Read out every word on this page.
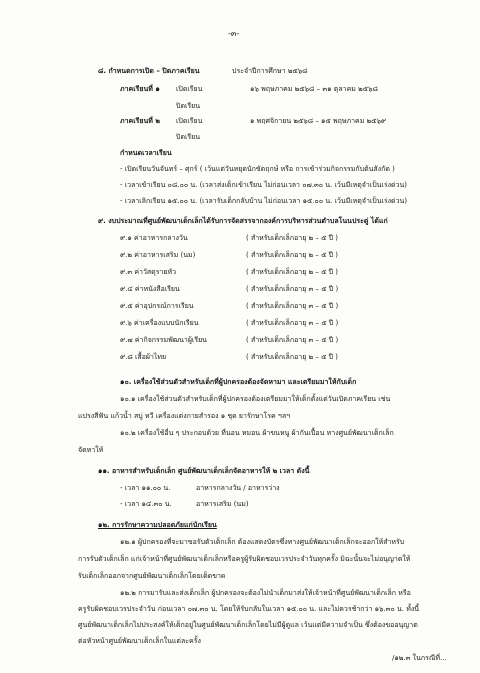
-๓-
๘. กำหนดการเปิด – ปิดภาคเรียน	ประจำปีการศึกษา ๒๕๖๘
ภาคเรียนที่ ๑ เปิดเรียน	๑๖ พฤษภาคม ๒๕๖๘ – ๓๑ ตุลาคม ๒๕๖๘
ปิดเรียน
ภาคเรียนที่ ๒ เปิดเรียน	๑ พฤศจิกายน ๒๕๖๘ – ๑๕ พฤษภาคม ๒๕๖๙
ปิดเรียน
กำหนดเวลาเรียน
- เปิดเรียนวันจันทร์ – ศุกร์ ( เว้นแต่วันหยุดนักขัตฤกษ์ หรือ การเข้าร่วมกิจกรรมกับต้นสังกัด )
- เวลาเข้าเรียน ๐๘.๐๐ น. (เวลาส่งเด็กเข้าเรียน ไม่ก่อนเวลา ๐๗.๓๐ น. เว้นมีเหตุจำเป็นเร่งด่วน)
- เวลาเลิกเรียน ๑๕.๐๐ น. (เวลารับเด็กกลับบ้าน ไม่ก่อนเวลา ๑๕.๐๐ น. เว้นมีเหตุจำเป็นเร่งด่วน)
๙. งบประมาณที่ศูนย์พัฒนาเด็กเล็กได้รับการจัดสรรจากองค์การบริหารส่วนตำบลโนนประดู่ ได้แก่
๙.๑ ค่าอาหารกลางวัน	( สำหรับเด็กเล็กอายุ ๒ – ๕ ปี )
๙.๒ ค่าอาหารเสริม (นม)	( สำหรับเด็กเล็กอายุ ๒ – ๕ ปี )
๙.๓ ค่าวัสดุรายหัว	( สำหรับเด็กเล็กอายุ ๒ – ๕ ปี )
๙.๔ ค่าหนังสือเรียน	( สำหรับเด็กเล็กอายุ ๓ – ๕ ปี )
๙.๕ ค่าอุปกรณ์การเรียน	( สำหรับเด็กเล็กอายุ ๓ – ๕ ปี )
๙.๖ ค่าเครื่องแบบนักเรียน	( สำหรับเด็กเล็กอายุ ๓ – ๕ ปี )
๙.๗ ค่ากิจกรรมพัฒนาผู้เรียน	( สำหรับเด็กเล็กอายุ ๓ – ๕ ปี )
๙.๘ เสื้อผ้าไทย	( สำหรับเด็กเล็กอายุ ๒ – ๕ ปี )
๑๐. เครื่องใช้ส่วนตัวสำหรับเด็กที่ผู้ปกครองต้องจัดหามา และเตรียมมาให้กับเด็ก
๑๐.๑ เครื่องใช้ส่วนตัวสำหรับเด็กที่ผู้ปกครองต้องเตรียมมาให้เด็กตั้งแต่วันเปิดภาคเรียน เช่น
แปรงสีฟัน แก้วน้ำ สบู่ หวี เครื่องแต่งกายสำรอง ๑ ชุด ยารักษาโรค ฯลฯ
๑๐.๒ เครื่องใช้อื่น ๆ ประกอบด้วย ที่นอน หมอน ผ้าขนหนู ผ้ากันเปื้อน ทางศูนย์พัฒนาเด็กเล็ก
จัดหาให้
๑๑. อาหารสำหรับเด็กเล็ก ศูนย์พัฒนาเด็กเล็กจัดอาหารให้ ๒ เวลา ดังนี้
- เวลา ๑๑.๐๐ น.	อาหารกลางวัน / อาหารว่าง
- เวลา ๑๔.๓๐ น.	อาหารเสริม (นม)
๑๒. การรักษาความปลอดภัยแก่นักเรียน
๑๒.๑ ผู้ปกครองที่จะมาขอรับตัวเด็กเล็ก ต้องแสดงบัตรซึ่งทางศูนย์พัฒนาเด็กเล็กจะออกให้สำหรับ
การรับตัวเด็กเล็ก แก่เจ้าหน้าที่ศูนย์พัฒนาเด็กเล็กหรือครูผู้รับผิดชอบเวรประจำวันทุกครั้ง มิฉะนั้นจะไม่อนุญาตให้
รับเด็กเล็กออกจากศูนย์พัฒนาเด็กเล็กโดยเด็ดขาด
๑๒.๒ การมารับและส่งเด็กเล็ก ผู้ปกครองจะต้องไม่นำเด็กมาส่งให้เจ้าหน้าที่ศูนย์พัฒนาเด็กเล็ก หรือ
ครูรับผิดชอบเวรประจำวัน ก่อนเวลา ๐๗.๓๐ น. โดยให้รับกลับในเวลา ๑๕.๐๐ น. และไม่ควรช้ากว่า ๑๖.๓๐ น. ทั้งนี้
ศูนย์พัฒนาเด็กเล็กไม่ประสงค์ให้เด็กอยู่ในศูนย์พัฒนาเด็กเล็กโดยไม่มีผู้ดูแล เว้นแต่มีความจำเป็น ซึ่งต้องขออนุญาต
ต่อหัวหน้าศูนย์พัฒนาเด็กเล็กในแต่ละครั้ง
/๑๒.๓ ในกรณีที่...
